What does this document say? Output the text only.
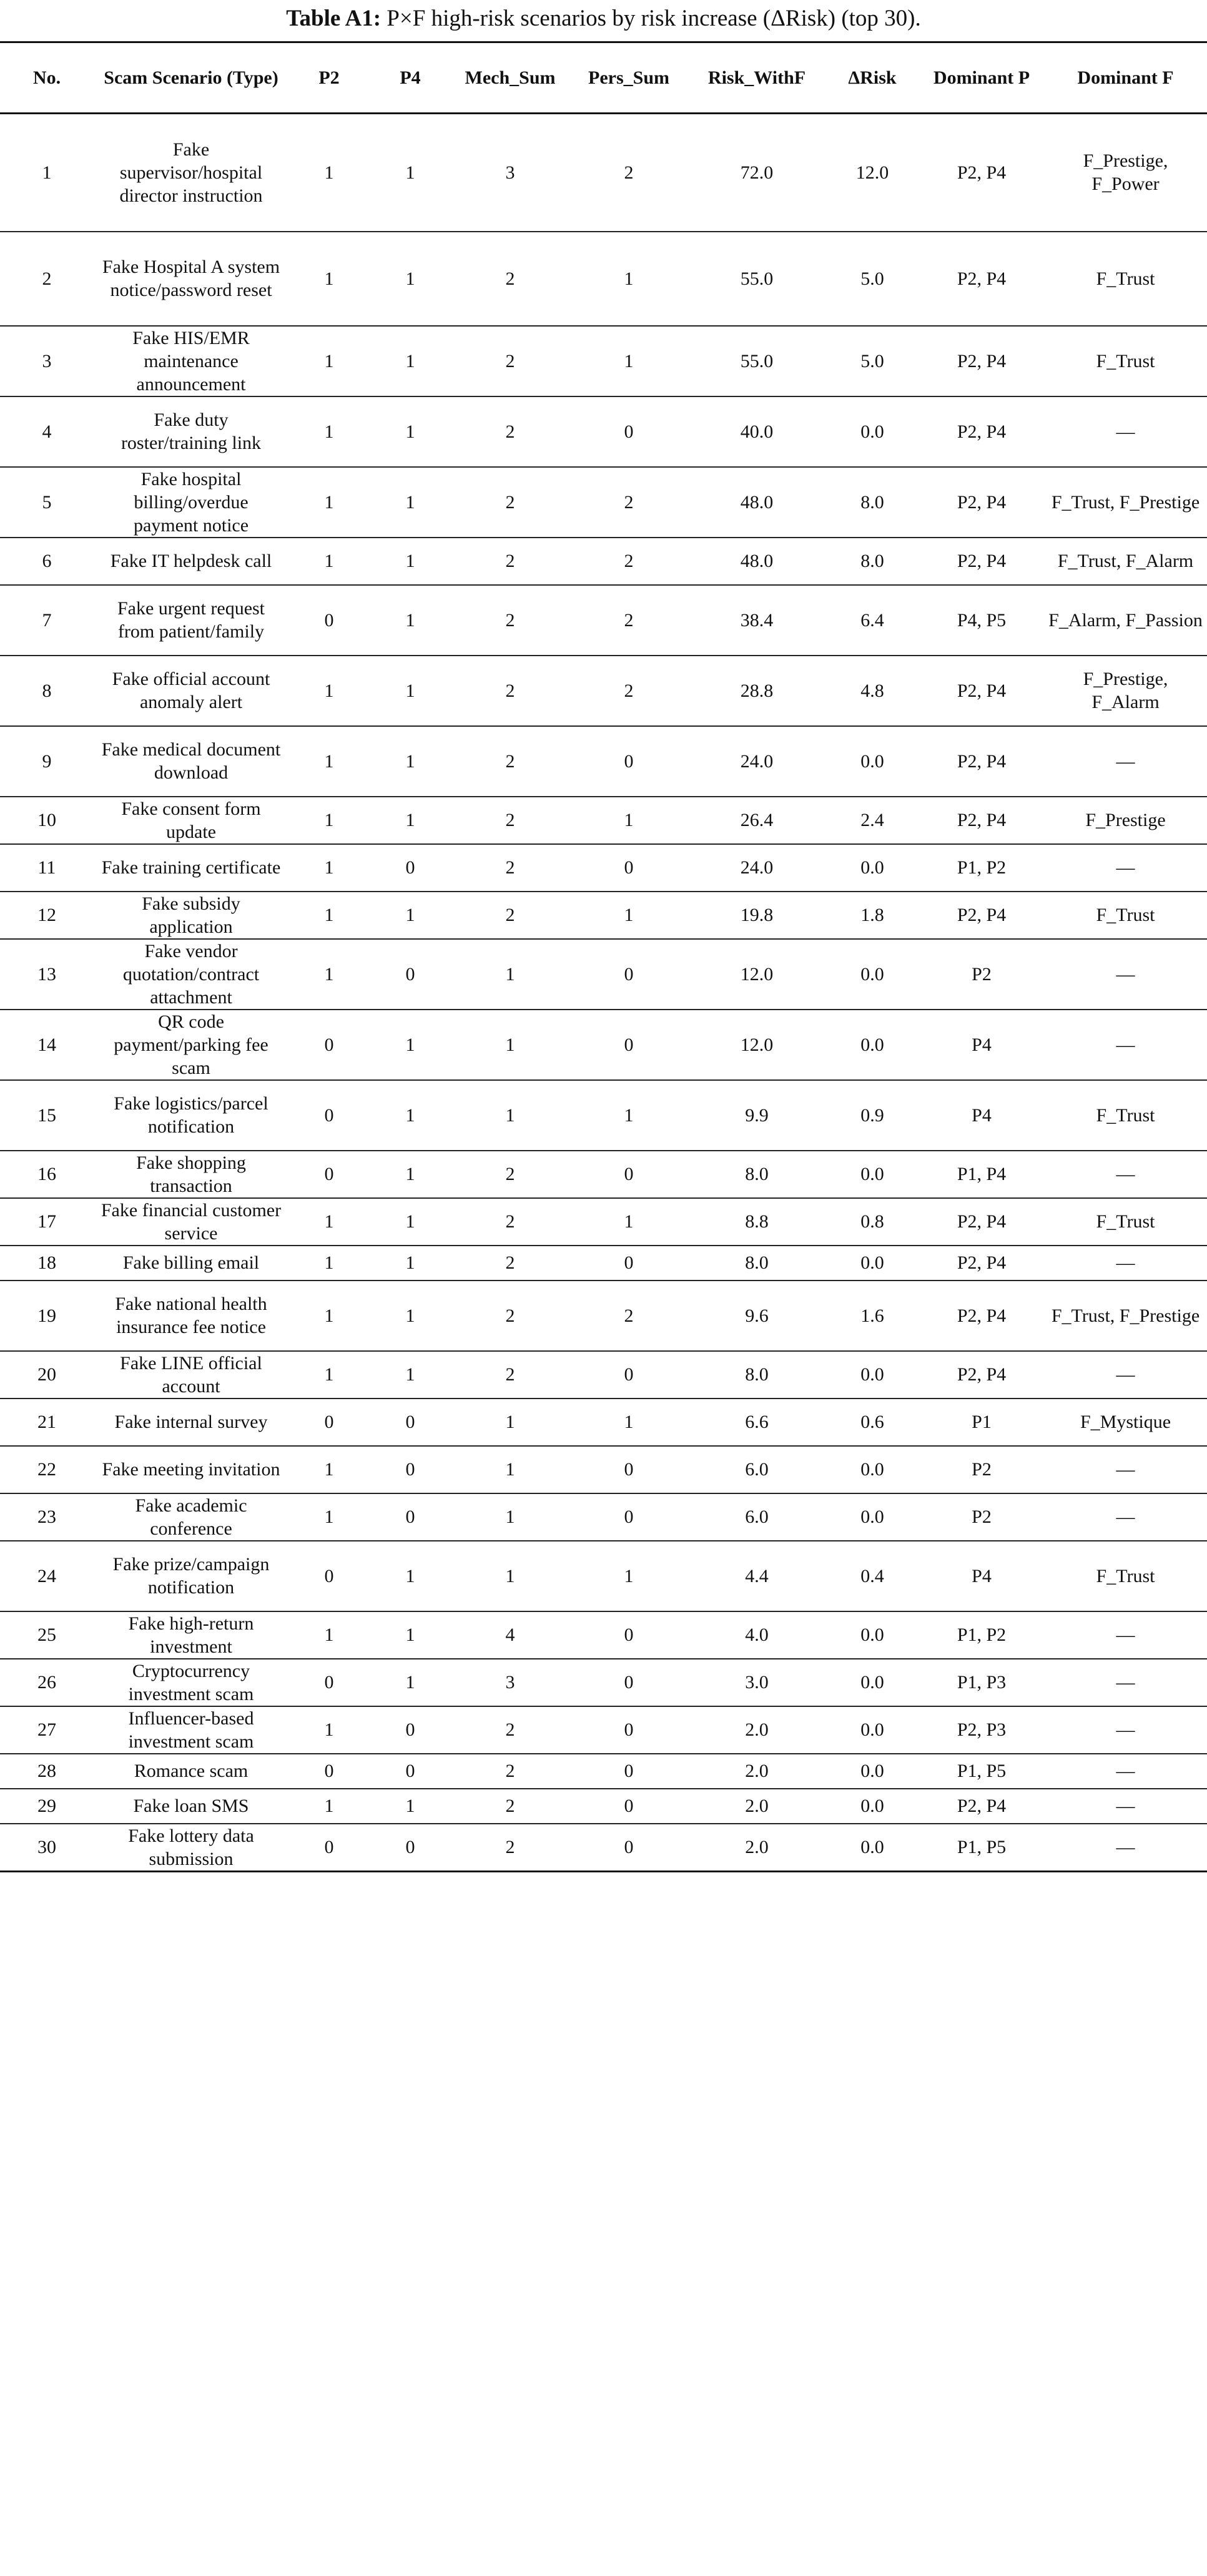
Table A1: P×F high-risk scenarios by risk increase (ΔRisk) (top 30).
No.	Scam Scenario (Type)	P2	P4	Mech_Sum	Pers_Sum	Risk_WithF	ΔRisk	Dominant P	Dominant F
1	Fake supervisor/hospital director instruction	1	1	3	2	72.0	12.0	P2, P4	F_Prestige, F_Power
2	Fake Hospital A system notice/password reset	1	1	2	1	55.0	5.0	P2, P4	F_Trust
3	Fake HIS/EMR maintenance announcement	1	1	2	1	55.0	5.0	P2, P4	F_Trust
4	Fake duty roster/training link	1	1	2	0	40.0	0.0	P2, P4	—
5	Fake hospital billing/overdue payment notice	1	1	2	2	48.0	8.0	P2, P4	F_Trust, F_Prestige
6	Fake IT helpdesk call	1	1	2	2	48.0	8.0	P2, P4	F_Trust, F_Alarm
7	Fake urgent request from patient/family	0	1	2	2	38.4	6.4	P4, P5	F_Alarm, F_Passion
8	Fake official account anomaly alert	1	1	2	2	28.8	4.8	P2, P4	F_Prestige, F_Alarm
9	Fake medical document download	1	1	2	0	24.0	0.0	P2, P4	—
10	Fake consent form update	1	1	2	1	26.4	2.4	P2, P4	F_Prestige
11	Fake training certificate	1	0	2	0	24.0	0.0	P1, P2	—
12	Fake subsidy application	1	1	2	1	19.8	1.8	P2, P4	F_Trust
13	Fake vendor quotation/contract attachment	1	0	1	0	12.0	0.0	P2	—
14	QR code payment/parking fee scam	0	1	1	0	12.0	0.0	P4	—
15	Fake logistics/parcel notification	0	1	1	1	9.9	0.9	P4	F_Trust
16	Fake shopping transaction	0	1	2	0	8.0	0.0	P1, P4	—
17	Fake financial customer service	1	1	2	1	8.8	0.8	P2, P4	F_Trust
18	Fake billing email	1	1	2	0	8.0	0.0	P2, P4	—
19	Fake national health insurance fee notice	1	1	2	2	9.6	1.6	P2, P4	F_Trust, F_Prestige
20	Fake LINE official account	1	1	2	0	8.0	0.0	P2, P4	—
21	Fake internal survey	0	0	1	1	6.6	0.6	P1	F_Mystique
22	Fake meeting invitation	1	0	1	0	6.0	0.0	P2	—
23	Fake academic conference	1	0	1	0	6.0	0.0	P2	—
24	Fake prize/campaign notification	0	1	1	1	4.4	0.4	P4	F_Trust
25	Fake high-return investment	1	1	4	0	4.0	0.0	P1, P2	—
26	Cryptocurrency investment scam	0	1	3	0	3.0	0.0	P1, P3	—
27	Influencer-based investment scam	1	0	2	0	2.0	0.0	P2, P3	—
28	Romance scam	0	0	2	0	2.0	0.0	P1, P5	—
29	Fake loan SMS	1	1	2	0	2.0	0.0	P2, P4	—
30	Fake lottery data submission	0	0	2	0	2.0	0.0	P1, P5	—
